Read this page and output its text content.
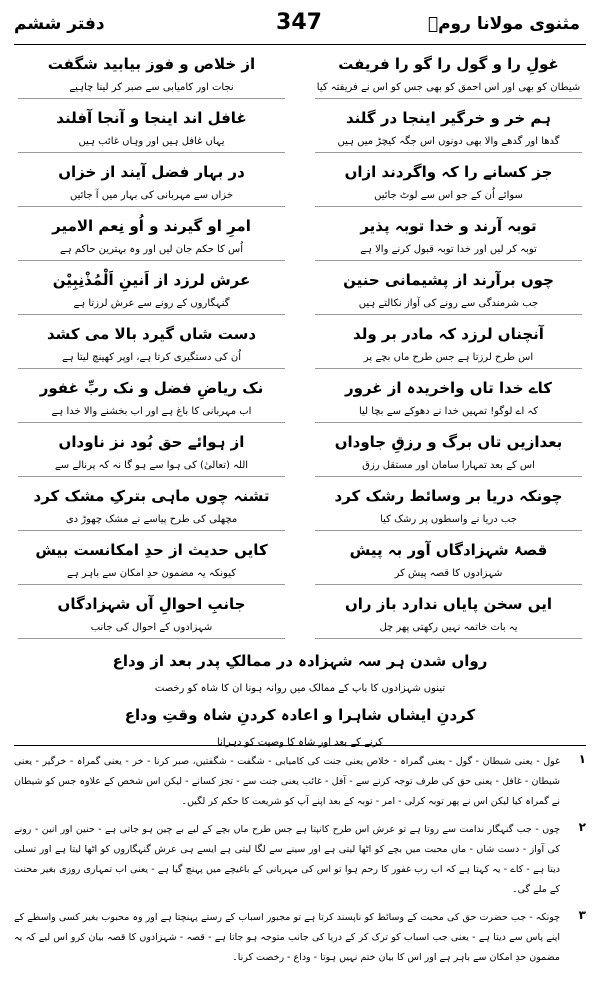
مثنوی مولانا رومؒ
347
دفتر ششم
غولِ را و گول را گو را فریفت
شیطان کو بھی اور اس احمق کو بھی جس کو اس نے فریفتہ کیا
از خلاص و فوز بیابید شگفت
نجات اور کامیابی سے صبر کر لینا چاہیے
ہم خر و خرگیر اینجا در گلند
گدھا اور گدھے والا بھی دونوں اس جگہ کیچڑ میں ہیں
غافل اند اینجا و آنجا آفلند
یہاں غافل ہیں اور وہاں غائب ہیں
جز کسانے را کہ واگردند ازاں
سوائے اُن کے جو اس سے لوٹ جائیں
در بہار فضل آیند از خزاں
خزاں سے مہربانی کی بہار میں آ جائیں
توبہ آرند و خدا توبہ پذیر
توبہ کر لیں اور خدا توبہ قبول کرنے والا ہے
امرِ او گیرند و اُو نِعم الامیر
اُس کا حکم جان لیں اور وہ بہترین حاکم ہے
چوں برآرند از پشیمانی حنین
جب شرمندگی سے رونے کی آواز نکالتے ہیں
عرش لرزد از اَنینِ اَلْمُذْنِبِیْن
گنہگاروں کے رونے سے عرش لرزتا ہے
آنچناں لرزد کہ مادر بر ولد
اس طرح لرزتا ہے جس طرح ماں بچے پر
دست شاں گیرد بالا می کشد
اُن کی دستگیری کرتا ہے، اوپر کھینچ لیتا ہے
کاے خدا تاں واخریدہ از غرور
کہ اے لوگو! تمہیں خدا نے دھوکے سے بچا لیا
نک ریاضِ فضل و نک ربِّ غفور
اب مہربانی کا باغ ہے اور اب بخشنے والا خدا ہے
بعدازیں تاں برگ و رزقِ جاوداں
اس کے بعد تمہارا سامان اور مستقل رزق
از ہوائے حق بُود نز ناوداں
اللہ (تعالیٰ) کی ہوا سے ہو گا نہ کہ پرنالے سے
چونکہ دریا بر وسائط رشک کرد
جب دریا نے واسطوں پر رشک کیا
تشنہ چوں ماہی بترکِ مشک کرد
مچھلی کی طرح پیاسے نے مشک چھوڑ دی
قصۂ شہزادگاں آور بہ پیش
شہزادوں کا قصہ پیش کر
کایں حدیث از حدِ امکانست بیش
کیونکہ یہ مضمون حدِ امکان سے باہر ہے
ایں سخن پایاں ندارد باز راں
یہ بات خاتمہ نہیں رکھتی پھر چل
جانبِ احوالِ آں شہزادگاں
شہزادوں کے احوال کی جانب
رواں شدن ہر سہ شہزادہ در ممالکِ پدر بعد از وداع
تینوں شہزادوں کا باپ کے ممالک میں روانہ ہونا ان کا شاہ کو رخصت
کردنِ ایشاں شاہرا و اعادہ کردنِ شاہ وقتِ وداع
کرنے کے بعد اور شاہ کا وصیت کو دہرانا
۱
غول - یعنی شیطان - گول - یعنی گمراہ - خلاص یعنی جنت کی کامیابی - شگفت - شگفتیں، صبر کرنا - خر - یعنی گمراہ - خرگیر - یعنی شیطان - غافل - یعنی حق کی طرف توجہ کرنے سے - آفل - غائب یعنی جنت سے - تجز کسانے - لیکن اس شخص کے علاوہ جس کو شیطان نے گمراہ کیا لیکن اس نے پھر توبہ کرلی - امر - توبہ کے بعد اپنے آپ کو شریعت کا حکم کر لگیں۔
۲
چوں - جب گنہگار ندامت سے روتا ہے تو عرش اس طرح کانپتا ہے جس طرح ماں بچے کے لیے بے چین ہو جاتی ہے - حنین اور انین - رونے کی آواز - دست شاں - ماں محبت میں بچے کو اٹھا لیتی ہے اور سینے سے لگا لیتی ہے ایسے ہی عرش گنہگاروں کو اٹھا لیتا ہے اور تسلی دیتا ہے - کاے - یہ کہتا ہے کہ اب رب غفور کا رحم ہوا تو اس کی مہربانی کے باغیچے میں پہنچ گیا ہے - یعنی اب تمہاری روزی بغیر محنت کے ملے گی۔
۳
چونکہ - جب حضرت حق کی محبت کے وسائط کو ناپسند کرتا ہے تو مجبور اسباب کے رستے پہنچتا ہے اور وہ محبوب بغیر کسی واسطے کے اپنے پاس سے دیتا ہے - یعنی جب اسباب کو ترک کر کے دریا کی جانب متوجہ ہو جاتا ہے - قصہ - شہزادوں کا قصہ بیان کرو اس لیے کہ یہ مضمون حدِ امکان سے باہر ہے اور اس کا بیان ختم نہیں ہوتا - وداع - رخصت کرنا۔
